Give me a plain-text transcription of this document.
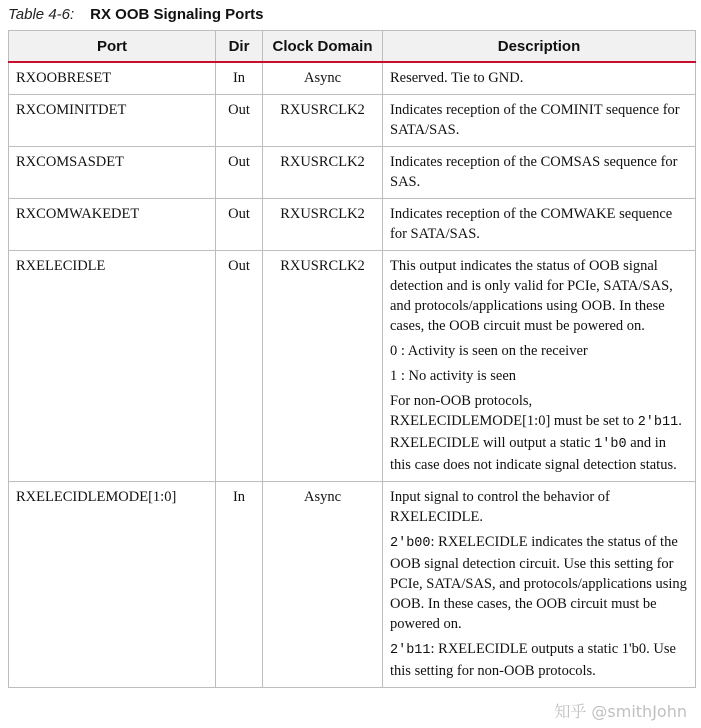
Table 4-6: RX OOB Signaling Ports
Port	Dir	Clock Domain	Description
RXOOBRESET	In	Async	Reserved. Tie to GND.

RXCOMINITDET	Out	RXUSRCLK2	Indicates reception of the COMINIT sequence for SATA/SAS.

RXCOMSASDET	Out	RXUSRCLK2	Indicates reception of the COMSAS sequence for SAS.

RXCOMWAKEDET	Out	RXUSRCLK2	Indicates reception of the COMWAKE sequence for SATA/SAS.

RXELECIDLE	Out	RXUSRCLK2	This output indicates the status of OOB signal detection and is only valid for PCIe, SATA/SAS, and protocols/applications using OOB. In these cases, the OOB circuit must be powered on.

0 : Activity is seen on the receiver

1 : No activity is seen

For non-OOB protocols, RXELECIDLEMODE[1:0] must be set to 2'b11. RXELECIDLE will output a static 1'b0 and in this case does not indicate signal detection status.

RXELECIDLEMODE[1:0]	In	Async	Input signal to control the behavior of RXELECIDLE.

2'b00: RXELECIDLE indicates the status of the OOB signal detection circuit. Use this setting for PCIe, SATA/SAS, and protocols/applications using OOB. In these cases, the OOB circuit must be powered on.

2'b11: RXELECIDLE outputs a static 1'b0. Use this setting for non-OOB protocols.

知乎 @smithJohn
